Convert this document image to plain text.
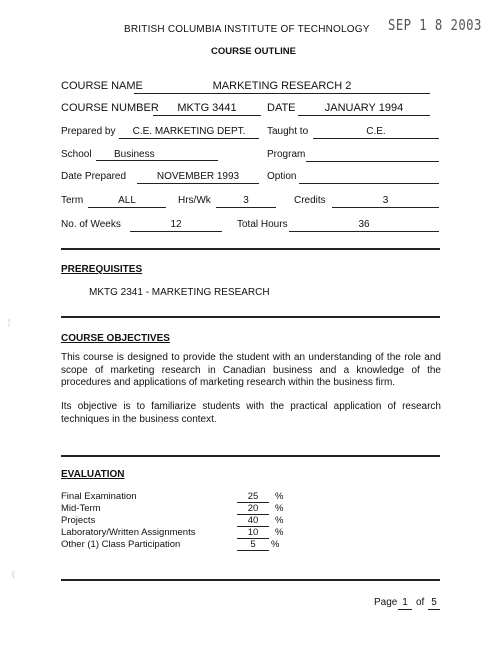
BRITISH COLUMBIA INSTITUTE OF TECHNOLOGY SEP 1 8 2003
COURSE OUTLINE
COURSE NAME	MARKETING RESEARCH 2
COURSE NUMBER	MKTG 3441	DATE	JANUARY 1994
Prepared by	C.E. MARKETING DEPT.	Taught to	C.E.
School	Business	Program
Date Prepared	NOVEMBER 1993	Option
Term	ALL	Hrs/Wk	3	Credits	3
No. of Weeks	12	Total Hours	36
PREREQUISITES
MKTG 2341 - MARKETING RESEARCH
COURSE OBJECTIVES
This course is designed to provide the student with an understanding of the role and scope of marketing research in Canadian business and a knowledge of the procedures and applications of marketing research within the business firm.
Its objective is to familiarize students with the practical application of research techniques in the business context.
EVALUATION
Final Examination	25	%
Mid-Term	20	%
Projects	40	%
Laboratory/Written Assignments	10	%
Other (1) Class Participation	5	%
Page 1 of 5
¦
(
